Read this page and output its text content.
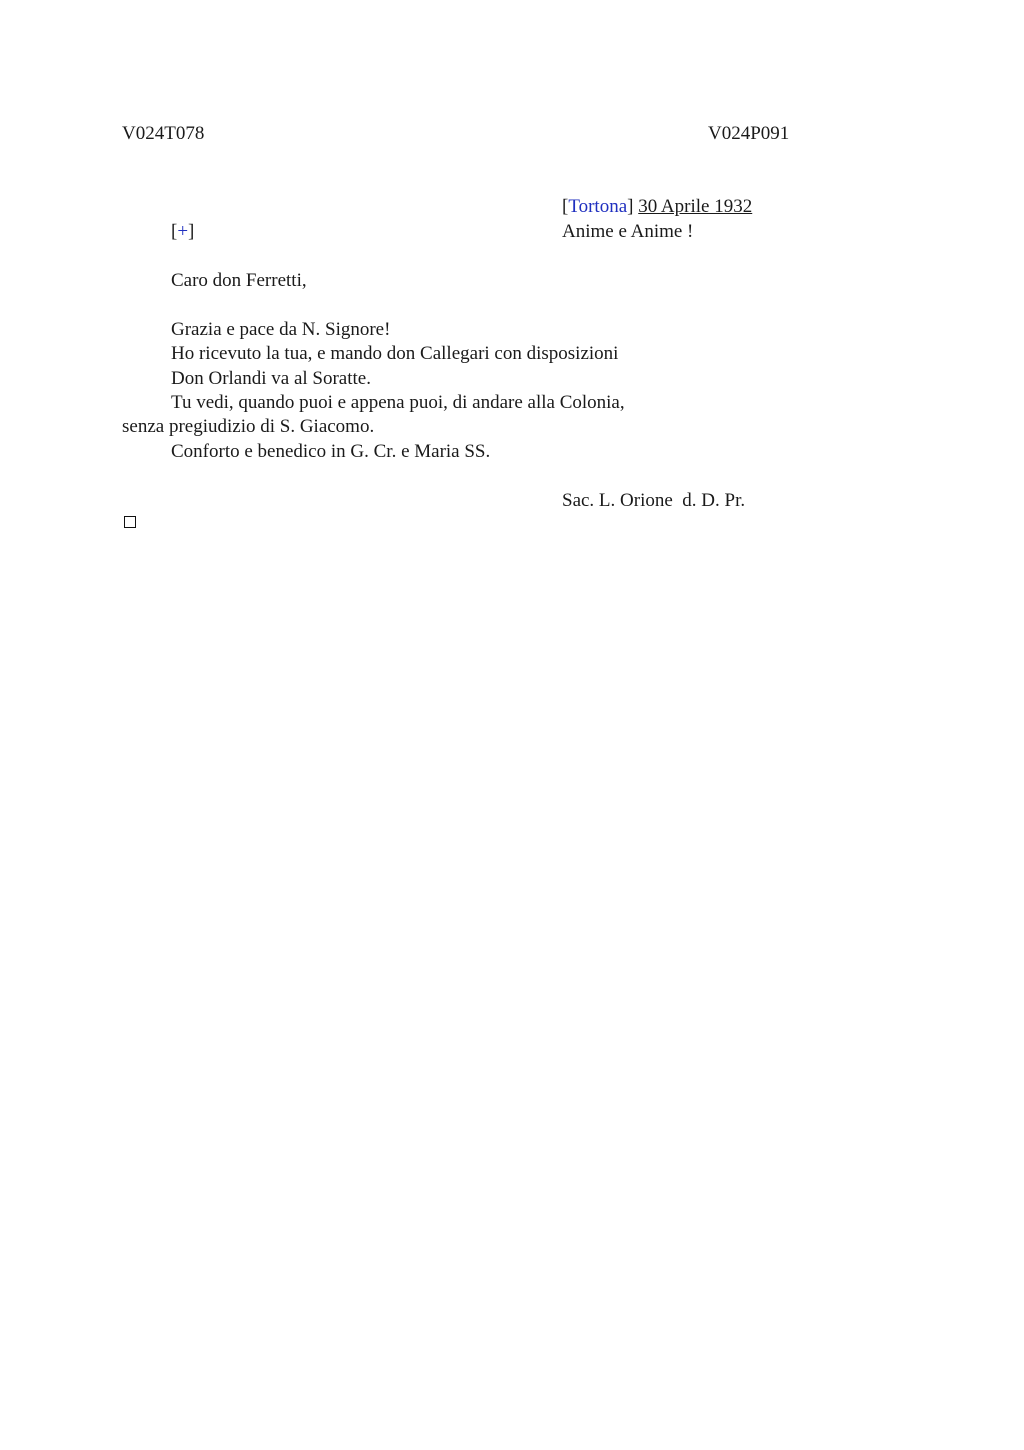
V024T078	V024P091
[Tortona] 30 Aprile 1932
[+]	Anime e Anime !
Caro don Ferretti,
Grazia e pace da N. Signore!
Ho ricevuto la tua, e mando don Callegari con disposizioni
Don Orlandi va al Soratte.
Tu vedi, quando puoi e appena puoi, di andare alla Colonia,
senza pregiudizio di S. Giacomo.
Conforto e benedico in G. Cr. e Maria SS.
Sac. L. Orione  d. D. Pr.
